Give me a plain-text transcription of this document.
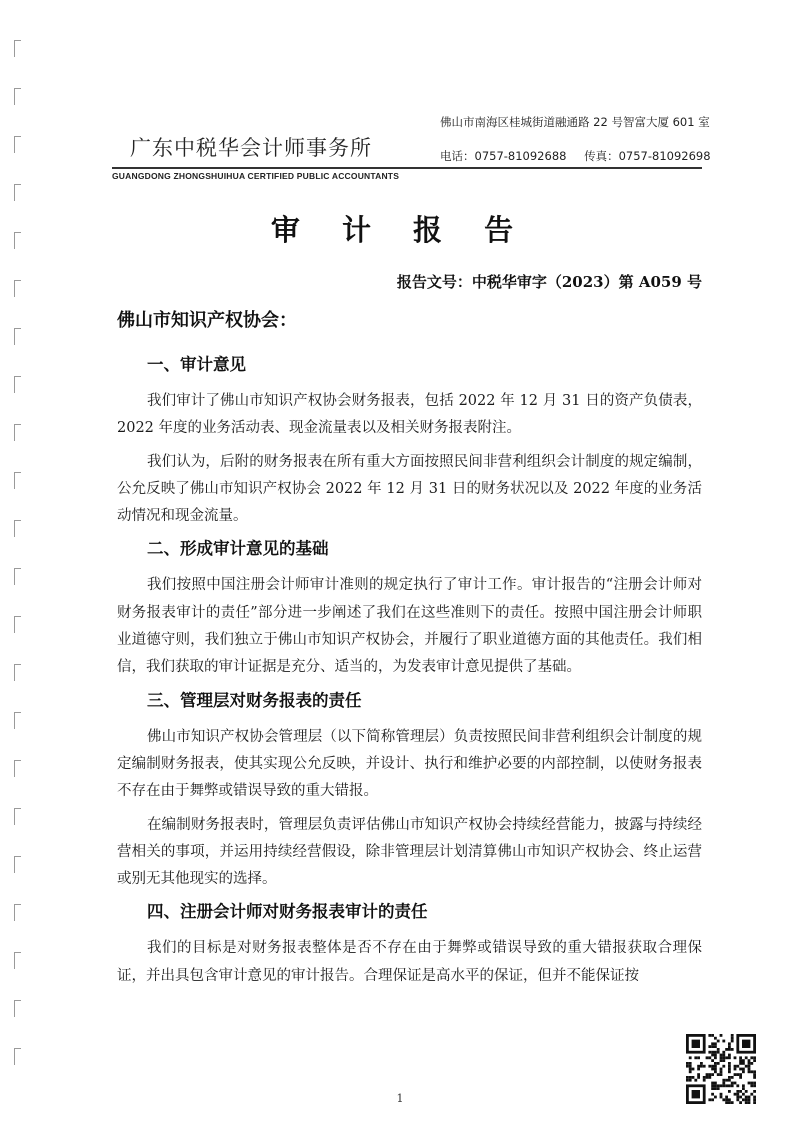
广东中税华会计师事务所
佛山市南海区桂城街道融通路 22 号智富大厦 601 室
电话：0757-81092688 传真：0757-81092698
GUANGDONG ZHONGSHUIHUA CERTIFIED PUBLIC ACCOUNTANTS
审 计 报 告
报告文号：中税华审字（2023）第 A059 号
佛山市知识产权协会：
一、审计意见

我们审计了佛山市知识产权协会财务报表，包括 2022 年 12 月 31 日的资产负债表，2022 年度的业务活动表、现金流量表以及相关财务报表附注。

我们认为，后附的财务报表在所有重大方面按照民间非营利组织会计制度的规定编制，公允反映了佛山市知识产权协会 2022 年 12 月 31 日的财务状况以及 2022 年度的业务活动情况和现金流量。

二、形成审计意见的基础

我们按照中国注册会计师审计准则的规定执行了审计工作。审计报告的“注册会计师对财务报表审计的责任”部分进一步阐述了我们在这些准则下的责任。按照中国注册会计师职业道德守则，我们独立于佛山市知识产权协会，并履行了职业道德方面的其他责任。我们相信，我们获取的审计证据是充分、适当的，为发表审计意见提供了基础。

三、管理层对财务报表的责任

佛山市知识产权协会管理层（以下简称管理层）负责按照民间非营利组织会计制度的规定编制财务报表，使其实现公允反映，并设计、执行和维护必要的内部控制，以使财务报表不存在由于舞弊或错误导致的重大错报。

在编制财务报表时，管理层负责评估佛山市知识产权协会持续经营能力，披露与持续经营相关的事项，并运用持续经营假设，除非管理层计划清算佛山市知识产权协会、终止运营或别无其他现实的选择。

四、注册会计师对财务报表审计的责任

我们的目标是对财务报表整体是否不存在由于舞弊或错误导致的重大错报获取合理保证，并出具包含审计意见的审计报告。合理保证是高水平的保证，但并不能保证按

1
